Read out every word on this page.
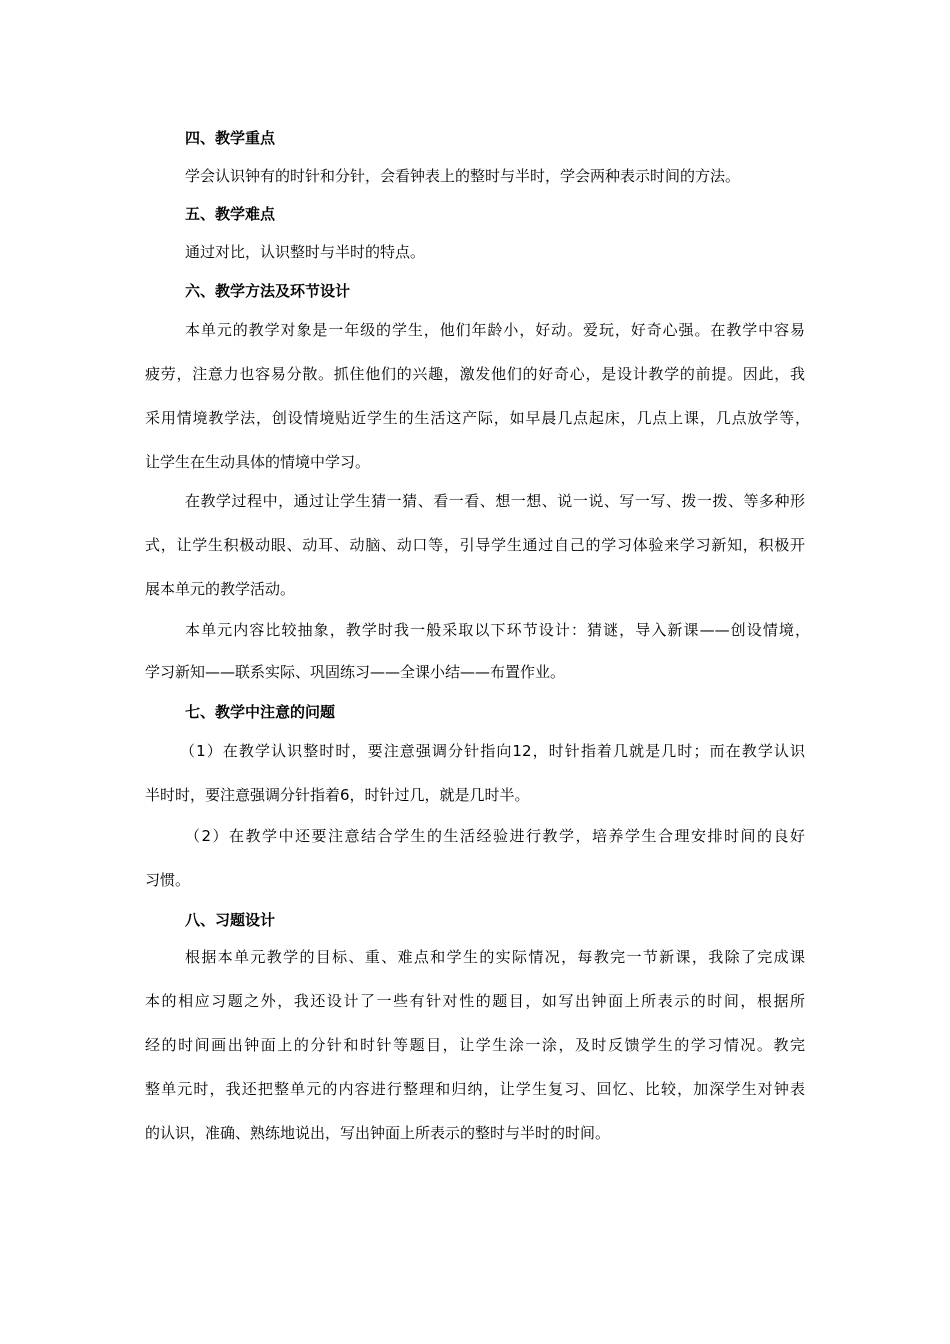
四、教学重点
学会认识钟有的时针和分针，会看钟表上的整时与半时，学会两种表示时间的方法。
五、教学难点
通过对比，认识整时与半时的特点。
六、教学方法及环节设计
本单元的教学对象是一年级的学生，他们年龄小，好动。爱玩，好奇心强。在教学中容易
疲劳，注意力也容易分散。抓住他们的兴趣，激发他们的好奇心，是设计教学的前提。因此，我
采用情境教学法，创设情境贴近学生的生活这产际，如早晨几点起床，几点上课，几点放学等，
让学生在生动具体的情境中学习。
在教学过程中，通过让学生猜一猜、看一看、想一想、说一说、写一写、拨一拨、等多种形
式，让学生积极动眼、动耳、动脑、动口等，引导学生通过自己的学习体验来学习新知，积极开
展本单元的教学活动。
本单元内容比较抽象，教学时我一般采取以下环节设计：猜谜，导入新课——创设情境，
学习新知——联系实际、巩固练习——全课小结——布置作业。
七、教学中注意的问题
（1）在教学认识整时时，要注意强调分针指向12，时针指着几就是几时；而在教学认识
半时时，要注意强调分针指着6，时针过几，就是几时半。
（2）在教学中还要注意结合学生的生活经验进行教学，培养学生合理安排时间的良好
习惯。
八、习题设计
根据本单元教学的目标、重、难点和学生的实际情况，每教完一节新课，我除了完成课
本的相应习题之外，我还设计了一些有针对性的题目，如写出钟面上所表示的时间，根据所
经的时间画出钟面上的分针和时针等题目，让学生涂一涂，及时反馈学生的学习情况。教完
整单元时，我还把整单元的内容进行整理和归纳，让学生复习、回忆、比较，加深学生对钟表
的认识，准确、熟练地说出，写出钟面上所表示的整时与半时的时间。
